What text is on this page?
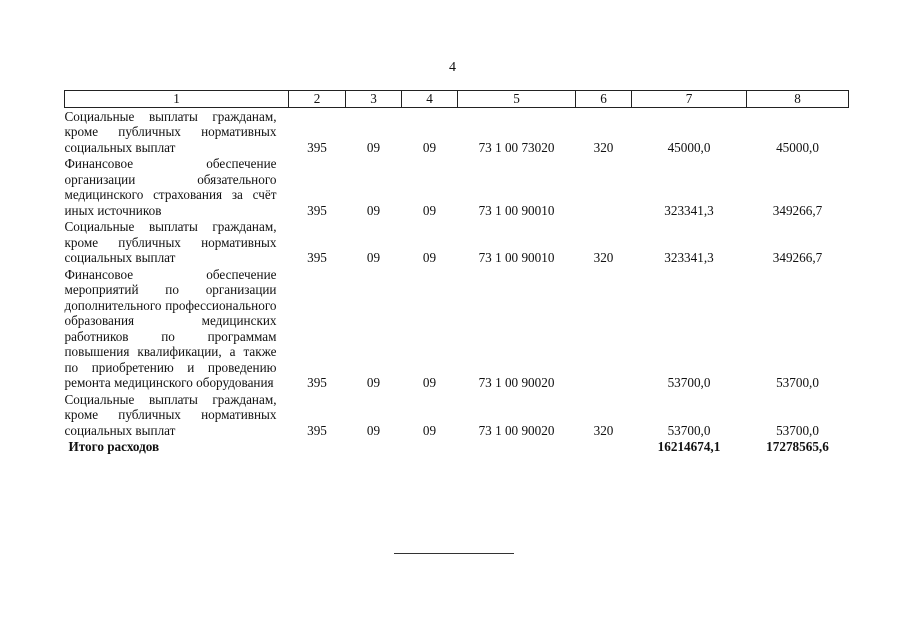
4
1	2	3	4	5	6	7	8
Социальные выплаты гражданам, кроме публичных нормативных социальных выплат	395	09	09	73 1 00 73020	320	45000,0	45000,0
Финансовое обеспечение организации обязательного медицинского страхования за счёт иных источников	395	09	09	73 1 00 90010		323341,3	349266,7
Социальные выплаты гражданам, кроме публичных нормативных социальных выплат	395	09	09	73 1 00 90010	320	323341,3	349266,7
Финансовое обеспечение мероприятий по организации дополнительного профессионального образования медицинских работников по программам повышения квалификации, а также по приобретению и проведению ремонта медицинского оборудования	395	09	09	73 1 00 90020		53700,0	53700,0
Социальные выплаты гражданам, кроме публичных нормативных социальных выплат	395	09	09	73 1 00 90020	320	53700,0	53700,0
Итого расходов						16214674,1	17278565,6
